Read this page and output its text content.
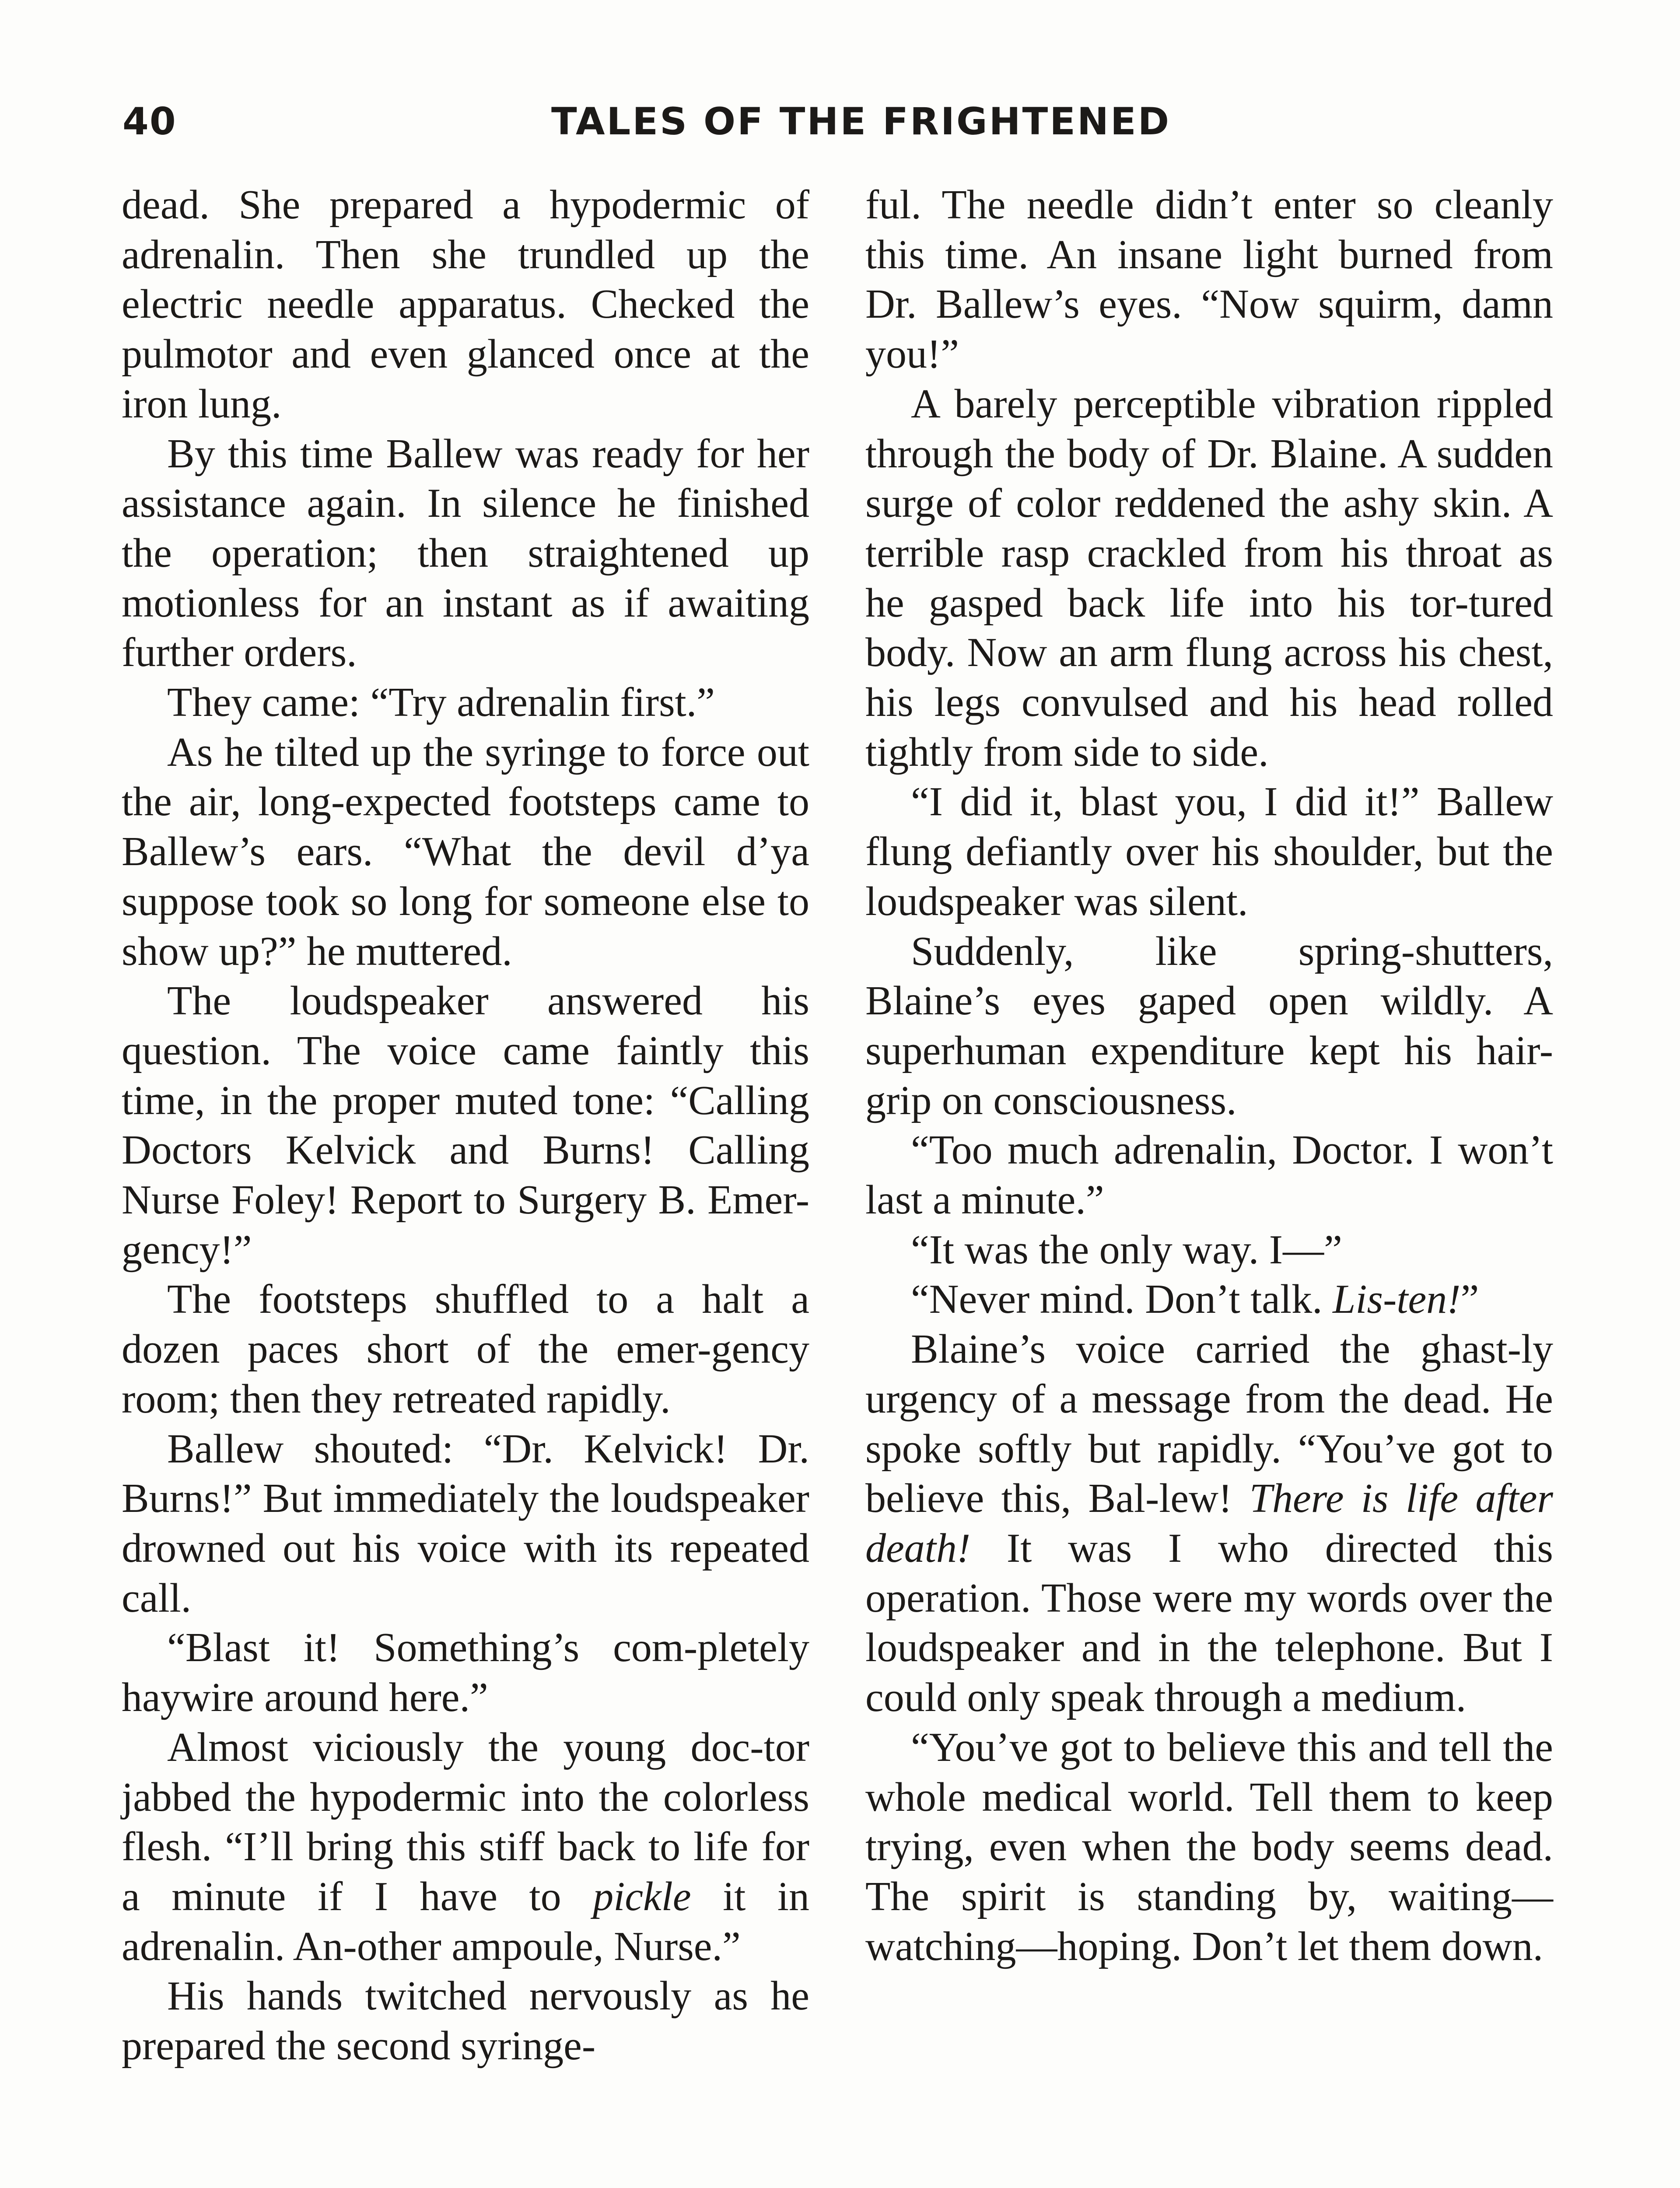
40	TALES OF THE FRIGHTENED

dead. She prepared a hypodermic of adrenalin. Then she trundled up the electric needle apparatus. Checked the pulmotor and even glanced once at the iron lung.

By this time Ballew was ready for her assistance again. In silence he finished the operation; then straightened up motionless for an instant as if awaiting further orders.

They came: “Try adrenalin first.”

As he tilted up the syringe to force out the air, long-expected footsteps came to Ballew’s ears. “What the devil d’ya suppose took so long for someone else to show up?” he muttered.

The loudspeaker answered his question. The voice came faintly this time, in the proper muted tone: “Calling Doctors Kelvick and Burns! Calling Nurse Foley! Report to Surgery B. Emer-gency!”

The footsteps shuffled to a halt a dozen paces short of the emer-gency room; then they retreated rapidly.

Ballew shouted: “Dr. Kelvick! Dr. Burns!” But immediately the loudspeaker drowned out his voice with its repeated call.

“Blast it! Something’s com-pletely haywire around here.”

Almost viciously the young doc-tor jabbed the hypodermic into the colorless flesh. “I’ll bring this stiff back to life for a minute if I have to pickle it in adrenalin. An-other ampoule, Nurse.”

His hands twitched nervously as he prepared the second syringe-

ful. The needle didn’t enter so cleanly this time. An insane light burned from Dr. Ballew’s eyes. “Now squirm, damn you!”

A barely perceptible vibration rippled through the body of Dr. Blaine. A sudden surge of color reddened the ashy skin. A terrible rasp crackled from his throat as he gasped back life into his tor-tured body. Now an arm flung across his chest, his legs convulsed and his head rolled tightly from side to side.

“I did it, blast you, I did it!” Ballew flung defiantly over his shoulder, but the loudspeaker was silent.

Suddenly, like spring-shutters, Blaine’s eyes gaped open wildly. A superhuman expenditure kept his hair-grip on consciousness.

“Too much adrenalin, Doctor. I won’t last a minute.”

“It was the only way. I—”

“Never mind. Don’t talk. Lis-ten!”

Blaine’s voice carried the ghast-ly urgency of a message from the dead. He spoke softly but rapidly. “You’ve got to believe this, Bal-lew! There is life after death! It was I who directed this operation. Those were my words over the loudspeaker and in the telephone. But I could only speak through a medium.

“You’ve got to believe this and tell the whole medical world. Tell them to keep trying, even when the body seems dead. The spirit is standing by, waiting—watching—hoping. Don’t let them down.
